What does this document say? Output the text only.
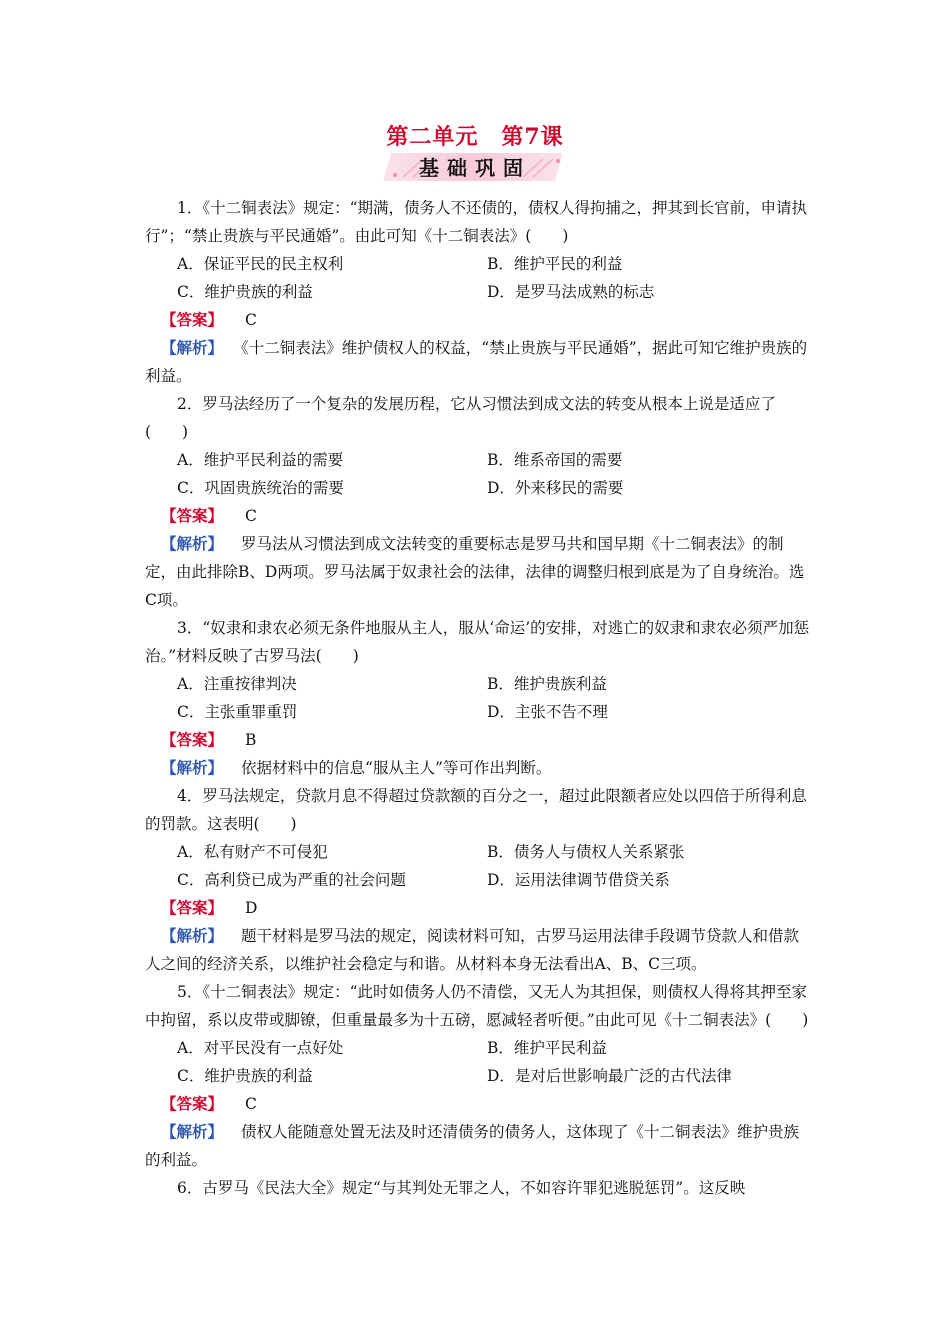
第二单元　第7课
基础巩固

1．《十二铜表法》规定：“期满，债务人不还债的，债权人得拘捕之，押其到长官前，申请执行”；“禁止贵族与平民通婚”。由此可知《十二铜表法》(　　)

A．保证平民的民主权利	B．维护平民的利益
C．维护贵族的利益	D．是罗马法成熟的标志
【答案】 C

【解析】 《十二铜表法》维护债权人的权益，“禁止贵族与平民通婚”，据此可知它维护贵族的利益。

2．罗马法经历了一个复杂的发展历程，它从习惯法到成文法的转变从根本上说是适应了(　　)

A．维护平民利益的需要	B．维系帝国的需要
C．巩固贵族统治的需要	D．外来移民的需要
【答案】 C

【解析】 罗马法从习惯法到成文法转变的重要标志是罗马共和国早期《十二铜表法》的制定，由此排除B、D两项。罗马法属于奴隶社会的法律，法律的调整归根到底是为了自身统治。选C项。

3．“奴隶和隶农必须无条件地服从主人，服从‘命运’的安排，对逃亡的奴隶和隶农必须严加惩治。”材料反映了古罗马法(　　)

A．注重按律判决	B．维护贵族利益
C．主张重罪重罚	D．主张不告不理
【答案】 B

【解析】 依据材料中的信息“服从主人”等可作出判断。

4．罗马法规定，贷款月息不得超过贷款额的百分之一，超过此限额者应处以四倍于所得利息的罚款。这表明(　　)

A．私有财产不可侵犯	B．债务人与债权人关系紧张
C．高利贷已成为严重的社会问题	D．运用法律调节借贷关系
【答案】 D

【解析】 题干材料是罗马法的规定，阅读材料可知，古罗马运用法律手段调节贷款人和借款人之间的经济关系，以维护社会稳定与和谐。从材料本身无法看出A、B、C三项。

5．《十二铜表法》规定：“此时如债务人仍不清偿，又无人为其担保，则债权人得将其押至家中拘留，系以皮带或脚镣，但重量最多为十五磅，愿减轻者听便。”由此可见《十二铜表法》(　　)

A．对平民没有一点好处	B．维护平民利益
C．维护贵族的利益	D．是对后世影响最广泛的古代法律
【答案】 C

【解析】 债权人能随意处置无法及时还清债务的债务人，这体现了《十二铜表法》维护贵族的利益。

6．古罗马《民法大全》规定“与其判处无罪之人，不如容许罪犯逃脱惩罚”。这反映
